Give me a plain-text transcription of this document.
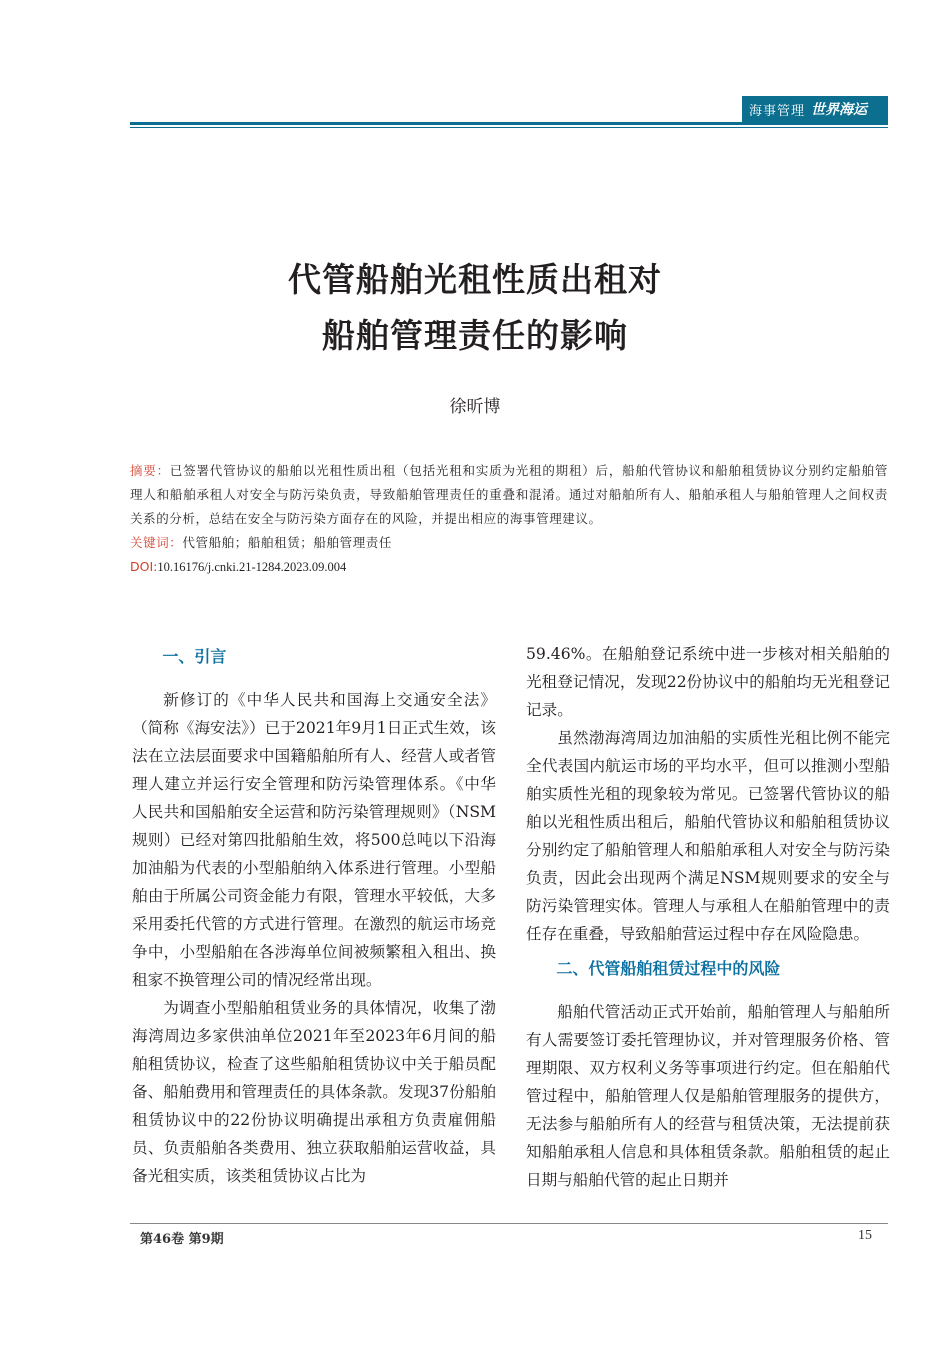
海事管理 世界海运
代管船舶光租性质出租对
船舶管理责任的影响
徐昕博

摘要：已签署代管协议的船舶以光租性质出租（包括光租和实质为光租的期租）后，船舶代管协议和船舶租赁协议分别约定船舶管理人和船舶承租人对安全与防污染负责，导致船舶管理责任的重叠和混淆。通过对船舶所有人、船舶承租人与船舶管理人之间权责关系的分析，总结在安全与防污染方面存在的风险，并提出相应的海事管理建议。

关键词：代管船舶；船舶租赁；船舶管理责任

DOI:10.16176/j.cnki.21-1284.2023.09.004

一、引言

新修订的《中华人民共和国海上交通安全法》（简称《海安法》）已于2021年9月1日正式生效，该法在立法层面要求中国籍船舶所有人、经营人或者管理人建立并运行安全管理和防污染管理体系。《中华人民共和国船舶安全运营和防污染管理规则》（NSM规则）已经对第四批船舶生效，将500总吨以下沿海加油船为代表的小型船舶纳入体系进行管理。小型船舶由于所属公司资金能力有限，管理水平较低，大多采用委托代管的方式进行管理。在激烈的航运市场竞争中，小型船舶在各涉海单位间被频繁租入租出、换租家不换管理公司的情况经常出现。

为调查小型船舶租赁业务的具体情况，收集了渤海湾周边多家供油单位2021年至2023年6月间的船舶租赁协议，检查了这些船舶租赁协议中关于船员配备、船舶费用和管理责任的具体条款。发现37份船舶租赁协议中的22份协议明确提出承租方负责雇佣船员、负责船舶各类费用、独立获取船舶运营收益，具备光租实质，该类租赁协议占比为

59.46%。在船舶登记系统中进一步核对相关船舶的光租登记情况，发现22份协议中的船舶均无光租登记记录。

虽然渤海湾周边加油船的实质性光租比例不能完全代表国内航运市场的平均水平，但可以推测小型船舶实质性光租的现象较为常见。已签署代管协议的船舶以光租性质出租后，船舶代管协议和船舶租赁协议分别约定了船舶管理人和船舶承租人对安全与防污染负责，因此会出现两个满足NSM规则要求的安全与防污染管理实体。管理人与承租人在船舶管理中的责任存在重叠，导致船舶营运过程中存在风险隐患。

二、代管船舶租赁过程中的风险

船舶代管活动正式开始前，船舶管理人与船舶所有人需要签订委托管理协议，并对管理服务价格、管理期限、双方权利义务等事项进行约定。但在船舶代管过程中，船舶管理人仅是船舶管理服务的提供方，无法参与船舶所有人的经营与租赁决策，无法提前获知船舶承租人信息和具体租赁条款。船舶租赁的起止日期与船舶代管的起止日期并

第46卷 第9期	15
